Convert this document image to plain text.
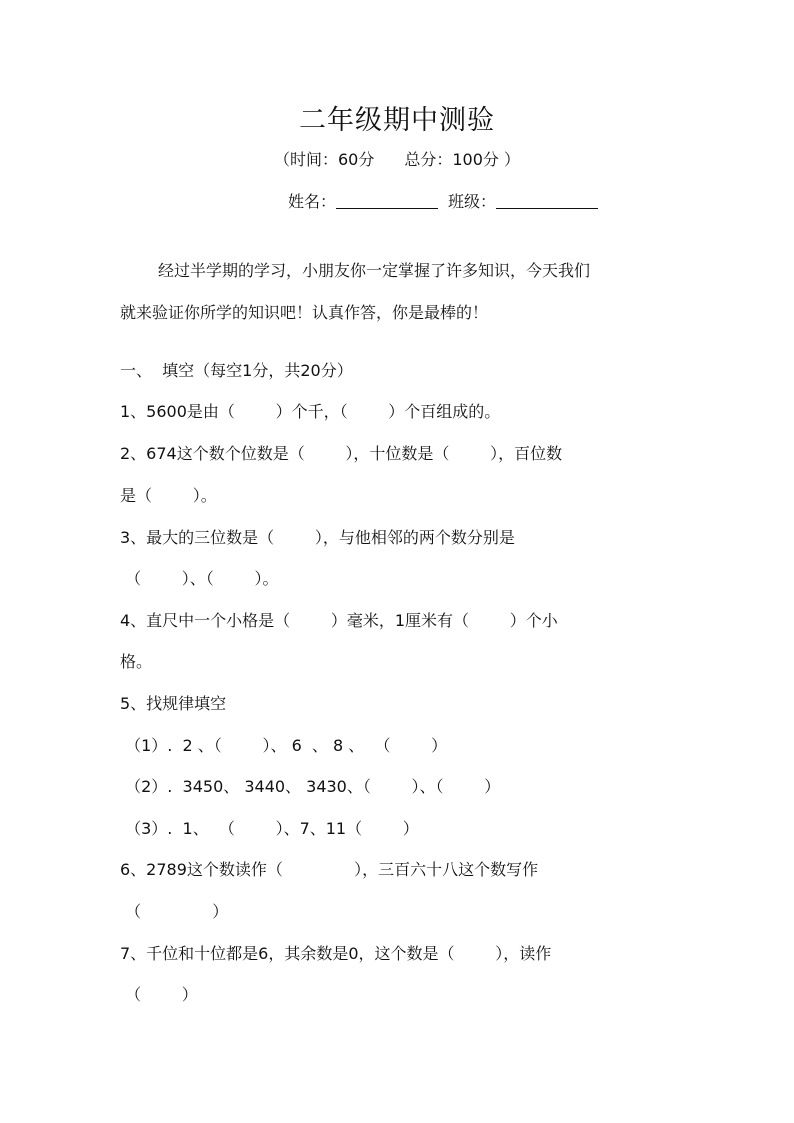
二年级期中测验
（时间：60分 总分：100分 ）
姓名：	班级：

经过半学期的学习，小朋友你一定掌握了许多知识，今天我们

就来验证你所学的知识吧！认真作答，你是最棒的！

一、  填空（每空1分，共20分）
1、5600是由（        ）个千，（        ）个百组成的。
2、674这个数个位数是（        ），十位数是（        ），百位数
是（        ）。
3、最大的三位数是（        ），与他相邻的两个数分别是
（        ）、（        ）。
4、直尺中一个小格是（        ）毫米，1厘米有（        ）个小
格。
5、找规律填空
（1）.  2 、（        ）、 6  、 8 、  （        ）
（2）.  3450、 3440、 3430、（        ）、（        ）
（3）.  1、  （        ）、7、11（        ）
6、2789这个数读作（              ），三百六十八这个数写作
（              ）
7、千位和十位都是6，其余数是0，这个数是（        ），读作
（        ）
